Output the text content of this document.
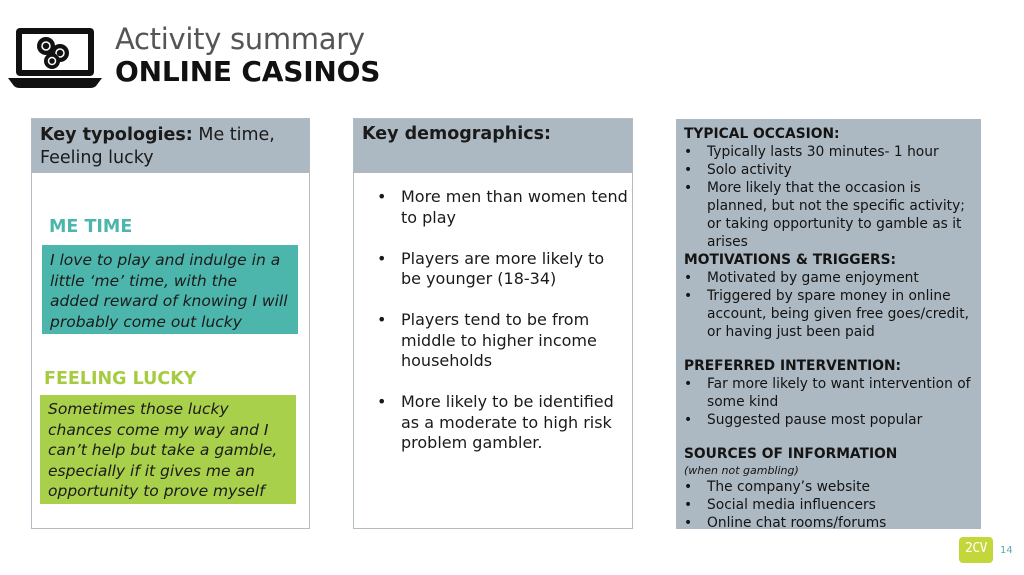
Activity summary
ONLINE CASINOS
Key typologies: Me time, Feeling lucky
ME TIME
I love to play and indulge in a little ‘me’ time, with the added reward of knowing I will probably come out lucky
FEELING LUCKY
Sometimes those lucky chances come my way and I can’t help but take a gamble, especially if it gives me an opportunity to prove myself
Key demographics:
• More men than women tend to play
• Players are more likely to be younger (18-34)
• Players tend to be from middle to higher income households
• More likely to be identified as a moderate to high risk problem gambler.
TYPICAL OCCASION:
• Typically lasts 30 minutes- 1 hour
• Solo activity
• More likely that the occasion is planned, but not the specific activity; or taking opportunity to gamble as it arises
MOTIVATIONS & TRIGGERS:
• Motivated by game enjoyment
• Triggered by spare money in online account, being given free goes/credit, or having just been paid
PREFERRED INTERVENTION:
• Far more likely to want intervention of some kind
• Suggested pause most popular
SOURCES OF INFORMATION
(when not gambling)
• The company’s website
• Social media influencers
• Online chat rooms/forums
2CV	14
